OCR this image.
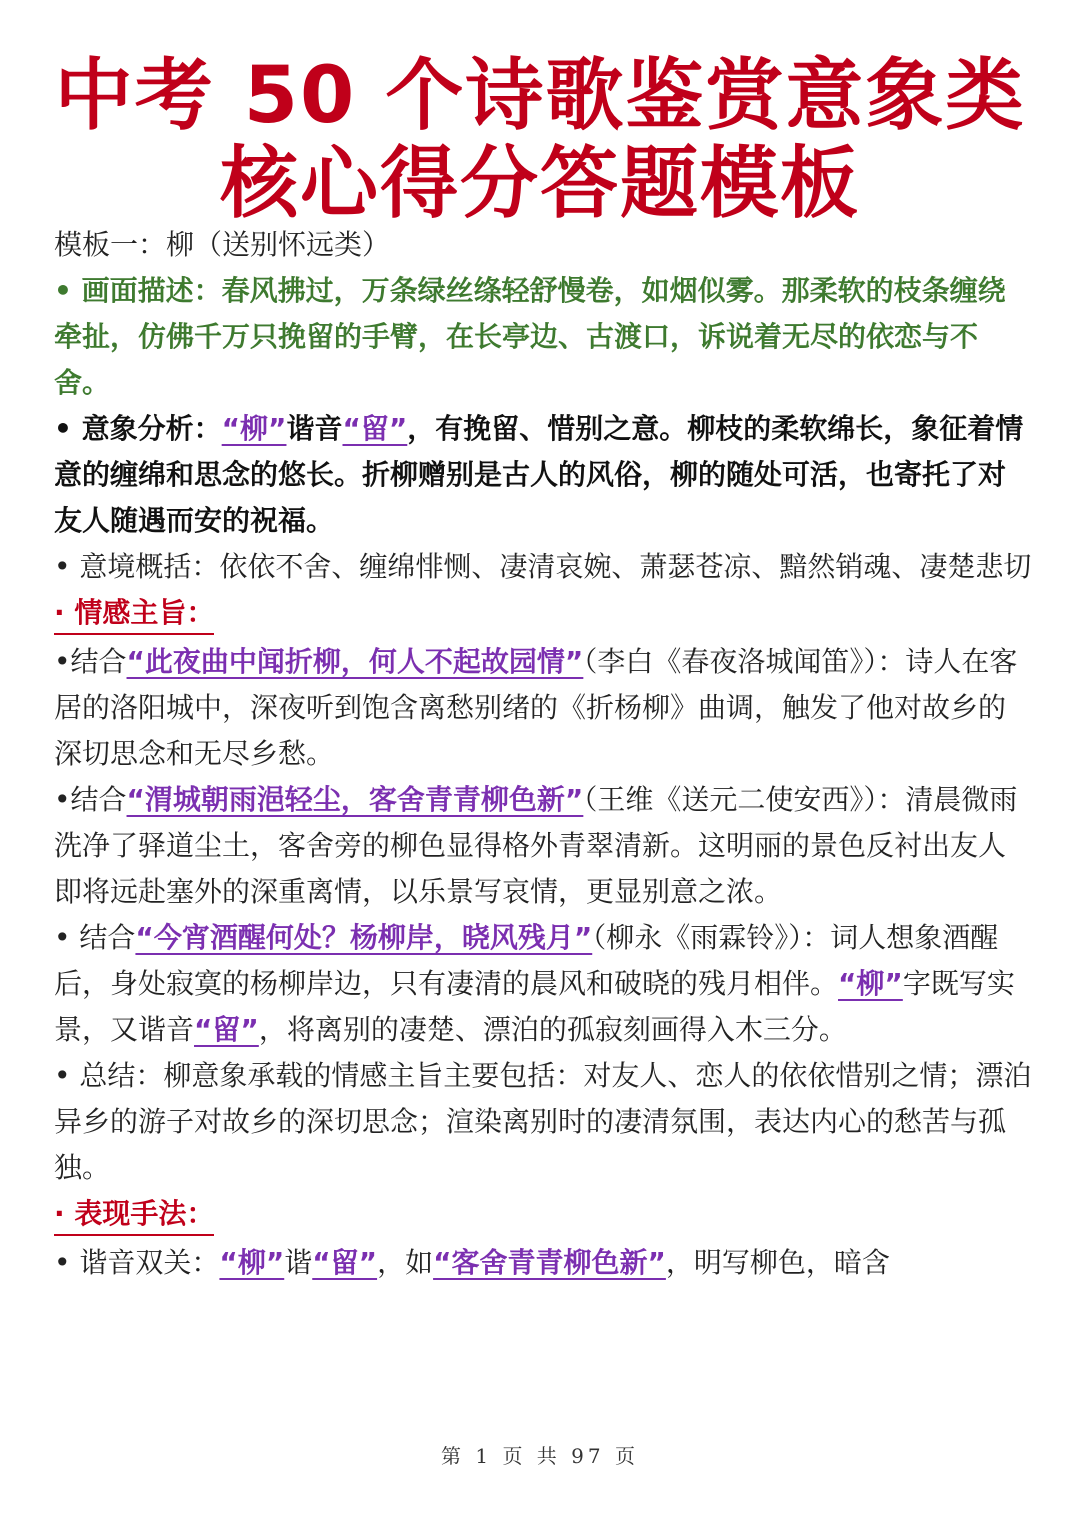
中考 50 个诗歌鉴赏意象类
核心得分答题模板

模板一：柳（送别怀远类）

• 画面描述：春风拂过，万条绿丝绦轻舒慢卷，如烟似雾。那柔软的枝条缠绕牵扯，仿佛千万只挽留的手臂，在长亭边、古渡口，诉说着无尽的依恋与不舍。

• 意象分析：“柳”谐音“留”，有挽留、惜别之意。柳枝的柔软绵长，象征着情意的缠绵和思念的悠长。折柳赠别是古人的风俗，柳的随处可活，也寄托了对友人随遇而安的祝福。

• 意境概括：依依不舍、缠绵悱恻、凄清哀婉、萧瑟苍凉、黯然销魂、凄楚悲切

· 情感主旨：

•结合“此夜曲中闻折柳，何人不起故园情”（李白《春夜洛城闻笛》）：诗人在客居的洛阳城中，深夜听到饱含离愁别绪的《折杨柳》曲调，触发了他对故乡的深切思念和无尽乡愁。

•结合“渭城朝雨浥轻尘，客舍青青柳色新”（王维《送元二使安西》）：清晨微雨洗净了驿道尘土，客舍旁的柳色显得格外青翠清新。这明丽的景色反衬出友人即将远赴塞外的深重离情，以乐景写哀情，更显别意之浓。

• 结合“今宵酒醒何处？杨柳岸，晓风残月”（柳永《雨霖铃》）：词人想象酒醒后，身处寂寞的杨柳岸边，只有凄清的晨风和破晓的残月相伴。“柳”字既写实景，又谐音“留”，将离别的凄楚、漂泊的孤寂刻画得入木三分。

• 总结：柳意象承载的情感主旨主要包括：对友人、恋人的依依惜别之情；漂泊异乡的游子对故乡的深切思念；渲染离别时的凄清氛围，表达内心的愁苦与孤独。

· 表现手法：

• 谐音双关：“柳”谐“留”，如“客舍青青柳色新”，明写柳色，暗含

第 1 页 共 97 页
